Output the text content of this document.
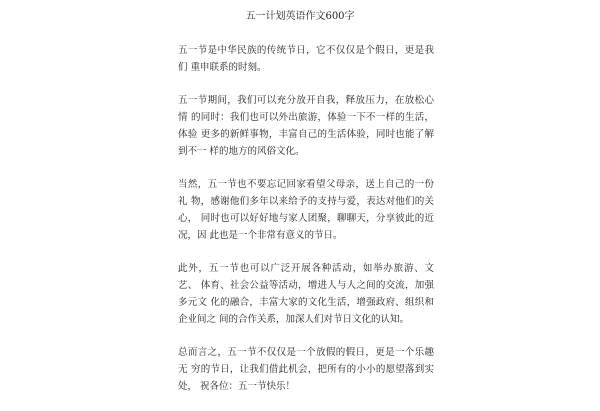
五一计划英语作文600字

五一节是中华民族的传统节日，它不仅仅是个假日，更是我们 重申联系的时刻。

五一节期间，我们可以充分放开自我，释放压力，在放松心情 的同时：我们也可以外出旅游，体验一下不一样的生活，体验 更多的新鲜事物，丰富自己的生活体验，同时也能了解到不一 样的地方的风俗文化。

当然，五一节也不要忘记回家看望父母亲，送上自己的一份礼 物，感谢他们多年以来给予的支持与爱，表达对他们的关心， 同时也可以好好地与家人团聚，聊聊天，分享彼此的近况，因 此也是一个非常有意义的节日。

此外，五一节也可以广泛开展各种活动，如举办旅游、文艺、 体育、社会公益等活动，增进人与人之间的交流，加强多元文 化的融合，丰富大家的文化生活，增强政府、组织和企业间之 间的合作关系，加深人们对节日文化的认知。

总而言之，五一节不仅仅是一个放假的假日，更是一个乐趣无 穷的节日，让我们借此机会，把所有的小小的愿望落到实处， 祝各位：五一节快乐！
